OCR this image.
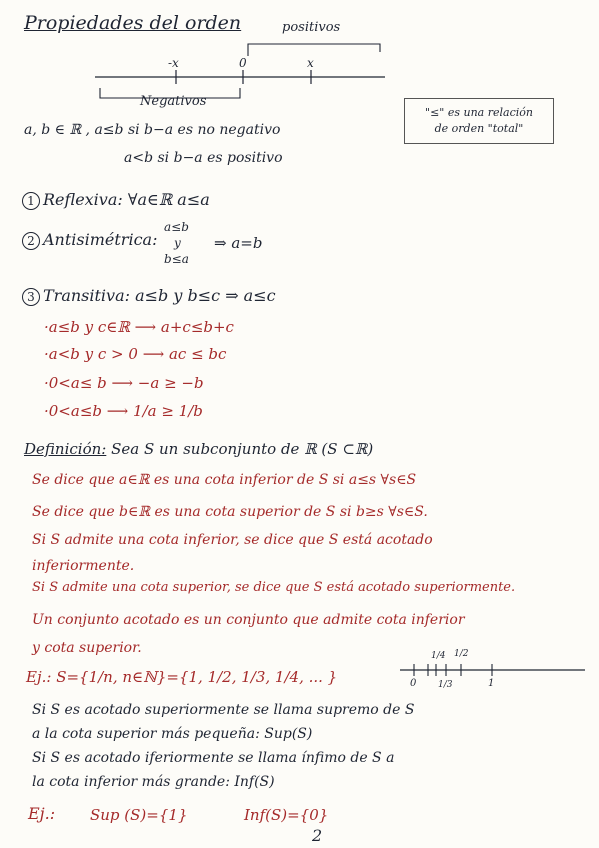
Propiedades del orden	positivos
-x	0	x
Negativos
"≤" es una relación
de orden "total"
a, b ∈ ℝ , a≤b si b−a es no negativo
a<b si b−a es positivo
1 Reflexiva: ∀a∈ℝ a≤a
2 Antisimétrica:
a≤b
y
b≤a
⇒ a=b
3 Transitiva: a≤b y b≤c ⇒ a≤c
·a≤b y c∈ℝ ⟶ a+c≤b+c
·a<b y c > 0 ⟶ ac ≤ bc
·0<a≤ b ⟶ −a ≥ −b
·0<a≤b ⟶ 1/a ≥ 1/b
Definición: Sea S un subconjunto de ℝ (S ⊂ℝ)
Se dice que a∈ℝ es una cota inferior de S si a≤s ∀s∈S
Se dice que b∈ℝ es una cota superior de S si b≥s ∀s∈S.
Si S admite una cota inferior, se dice que S está acotado
inferiormente.
Si S admite una cota superior, se dice que S está acotado superiormente.
Un conjunto acotado es un conjunto que admite cota inferior
y cota superior.
Ej.: S={1/n, n∈ℕ}={1, 1/2, 1/3, 1/4, ... }	0 1/3
1/4 1/2
1
Si S es acotado superiormente se llama supremo de S
a la cota superior más pequeña: Sup(S)
Si S es acotado iferiormente se llama ínfimo de S a
la cota inferior más grande: Inf(S)
Ej.: Sup (S)={1}	Inf(S)={0}
2
